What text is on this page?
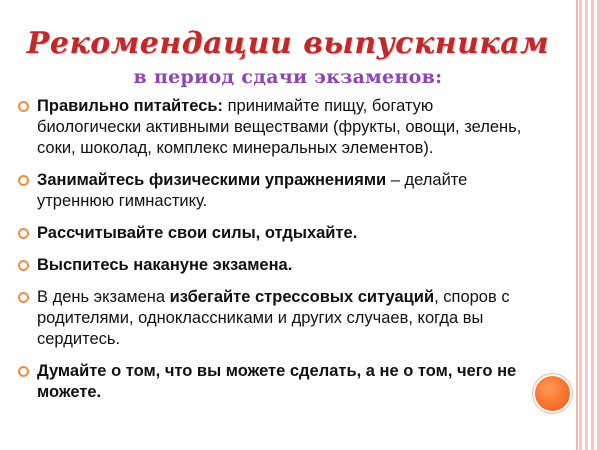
Рекомендации выпускникам
в период сдачи экзаменов:
Правильно питайтесь: принимайте пищу, богатую биологически активными веществами (фрукты, овощи, зелень, соки, шоколад, комплекс минеральных элементов).
Занимайтесь физическими упражнениями – делайте утреннюю гимнастику.
Рассчитывайте свои силы, отдыхайте.
Выспитесь накануне экзамена.
В день экзамена избегайте стрессовых ситуаций, споров с родителями, одноклассниками и других случаев, когда вы сердитесь.
Думайте о том, что вы можете сделать, а не о том, чего не можете.
